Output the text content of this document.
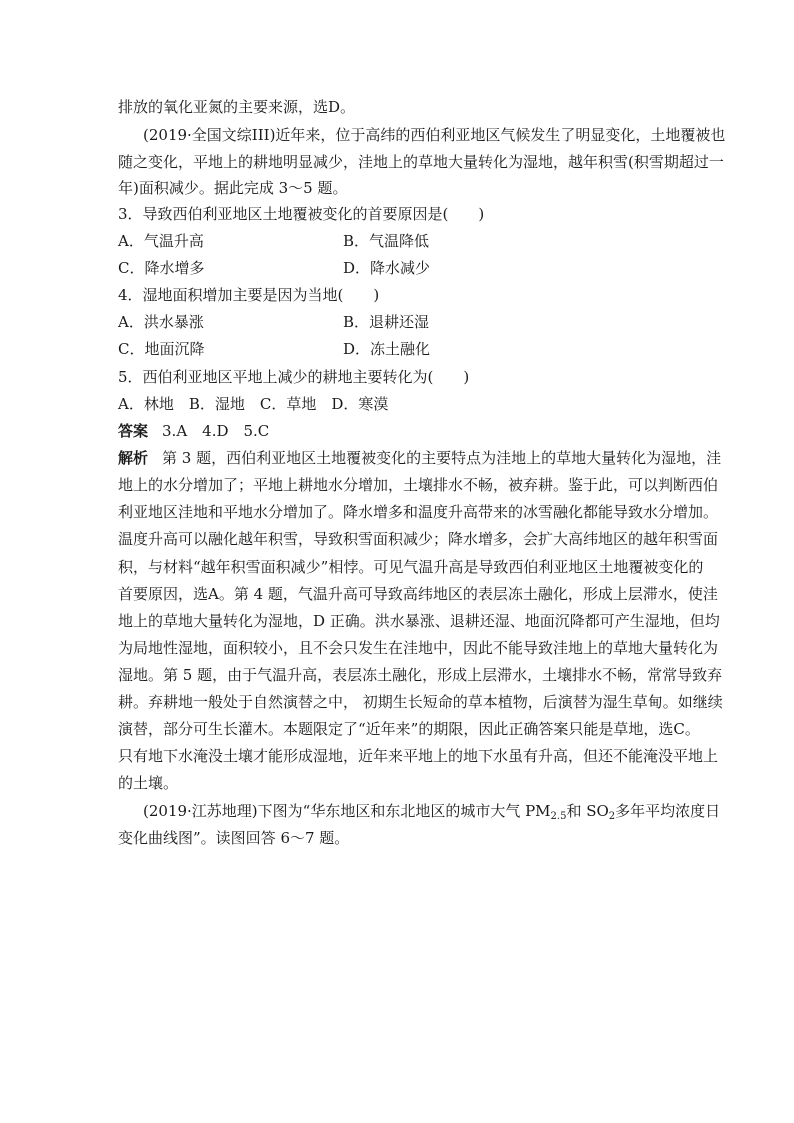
排放的氧化亚氮的主要来源，选D。
(2019·全国文综III)近年来，位于高纬的西伯利亚地区气候发生了明显变化，土地覆被也
随之变化，平地上的耕地明显减少，洼地上的草地大量转化为湿地，越年积雪(积雪期超过一
年)面积减少。据此完成 3～5 题。
3．导致西伯利亚地区土地覆被变化的首要原因是(　　)
A．气温升高	B．气温降低
C．降水增多	D．降水减少
4．湿地面积增加主要是因为当地(　　)
A．洪水暴涨	B．退耕还湿
C．地面沉降	D．冻土融化
5．西伯利亚地区平地上减少的耕地主要转化为(　　)
A．林地　B．湿地　C．草地　D．寒漠
答案 3.A　4.D　5.C
解析 第 3 题，西伯利亚地区土地覆被变化的主要特点为洼地上的草地大量转化为湿地，洼
地上的水分增加了；平地上耕地水分增加，土壤排水不畅，被弃耕。鉴于此，可以判断西伯
利亚地区洼地和平地水分增加了。降水增多和温度升高带来的冰雪融化都能导致水分增加。
温度升高可以融化越年积雪，导致积雪面积减少；降水增多，会扩大高纬地区的越年积雪面
积，与材料“越年积雪面积减少”相悖。可见气温升高是导致西伯利亚地区土地覆被变化的
首要原因，选A。第 4 题，气温升高可导致高纬地区的表层冻土融化，形成上层滞水，使洼
地上的草地大量转化为湿地，D 正确。洪水暴涨、退耕还湿、地面沉降都可产生湿地，但均
为局地性湿地，面积较小，且不会只发生在洼地中，因此不能导致洼地上的草地大量转化为
湿地。第 5 题，由于气温升高，表层冻土融化，形成上层滞水，土壤排水不畅，常常导致弃
耕。弃耕地一般处于自然演替之中， 初期生长短命的草本植物，后演替为湿生草甸。如继续
演替，部分可生长灌木。本题限定了“近年来”的期限，因此正确答案只能是草地，选C。
只有地下水淹没土壤才能形成湿地，近年来平地上的地下水虽有升高，但还不能淹没平地上
的土壤。
(2019·江苏地理)下图为“华东地区和东北地区的城市大气 $PM_{2.5}$和 $SO_2$多年平均浓度日
变化曲线图”。读图回答 6～7 题。
